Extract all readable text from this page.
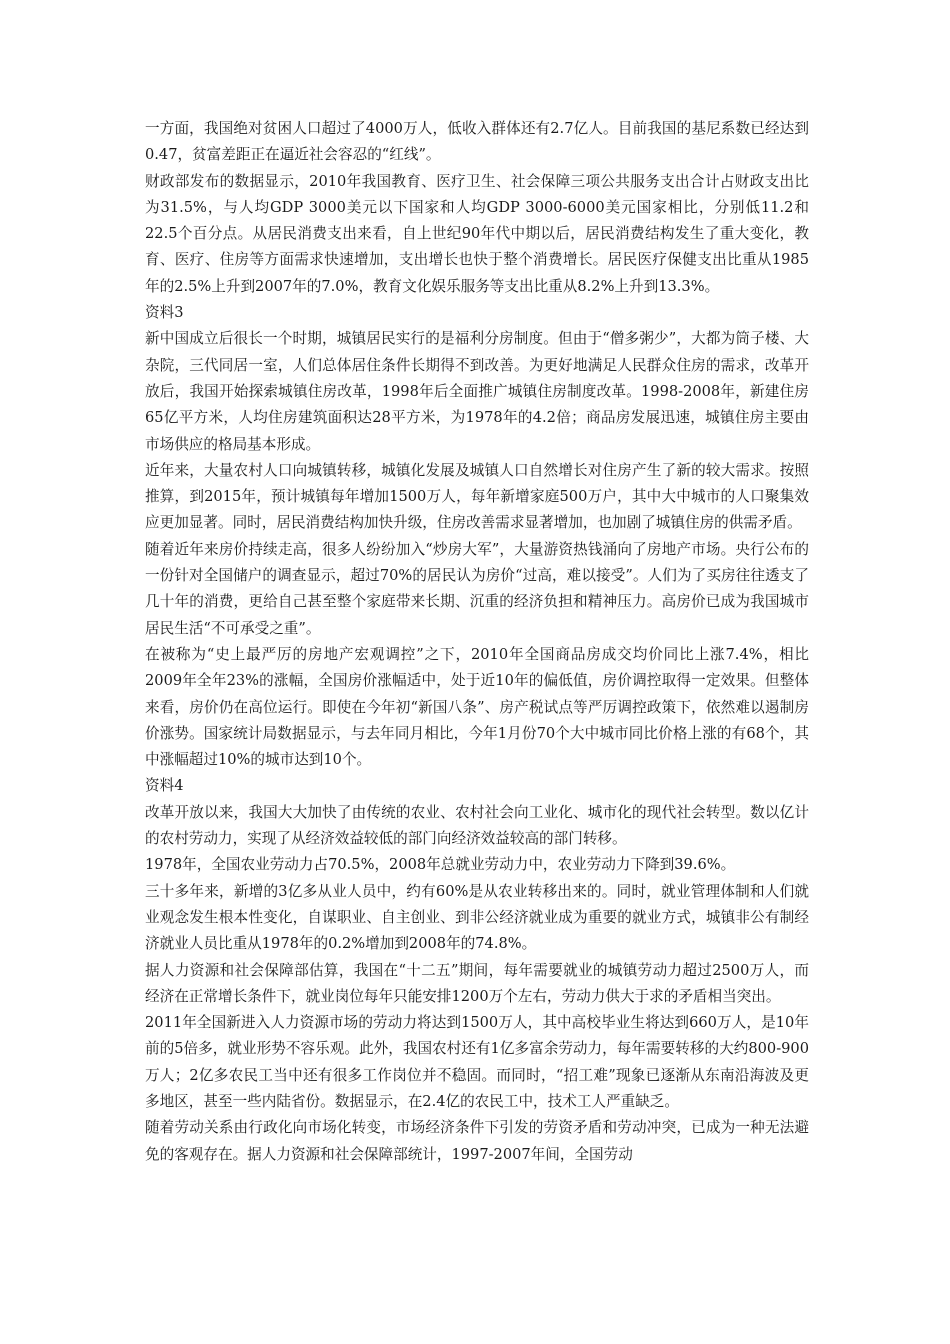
一方面，我国绝对贫困人口超过了4000万人，低收入群体还有2.7亿人。目前我国的基尼系数已经达到0.47，贫富差距正在逼近社会容忍的“红线”。

财政部发布的数据显示，2010年我国教育、医疗卫生、社会保障三项公共服务支出合计占财政支出比为31.5%，与人均GDP 3000美元以下国家和人均GDP 3000-6000美元国家相比，分别低11.2和22.5个百分点。从居民消费支出来看，自上世纪90年代中期以后，居民消费结构发生了重大变化，教育、医疗、住房等方面需求快速增加，支出增长也快于整个消费增长。居民医疗保健支出比重从1985年的2.5%上升到2007年的7.0%，教育文化娱乐服务等支出比重从8.2%上升到13.3%。

资料3

新中国成立后很长一个时期，城镇居民实行的是福利分房制度。但由于“僧多粥少”，大都为筒子楼、大杂院，三代同居一室，人们总体居住条件长期得不到改善。为更好地满足人民群众住房的需求，改革开放后，我国开始探索城镇住房改革，1998年后全面推广城镇住房制度改革。1998-2008年，新建住房65亿平方米，人均住房建筑面积达28平方米，为1978年的4.2倍；商品房发展迅速，城镇住房主要由市场供应的格局基本形成。

近年来，大量农村人口向城镇转移，城镇化发展及城镇人口自然增长对住房产生了新的较大需求。按照推算，到2015年，预计城镇每年增加1500万人，每年新增家庭500万户，其中大中城市的人口聚集效应更加显著。同时，居民消费结构加快升级，住房改善需求显著增加，也加剧了城镇住房的供需矛盾。

随着近年来房价持续走高，很多人纷纷加入“炒房大军”，大量游资热钱涌向了房地产市场。央行公布的一份针对全国储户的调查显示，超过70%的居民认为房价“过高，难以接受”。人们为了买房往往透支了几十年的消费，更给自己甚至整个家庭带来长期、沉重的经济负担和精神压力。高房价已成为我国城市居民生活“不可承受之重”。

在被称为“史上最严厉的房地产宏观调控”之下，2010年全国商品房成交均价同比上涨7.4%，相比2009年全年23%的涨幅，全国房价涨幅适中，处于近10年的偏低值，房价调控取得一定效果。但整体来看，房价仍在高位运行。即使在今年初“新国八条”、房产税试点等严厉调控政策下，依然难以遏制房价涨势。国家统计局数据显示，与去年同月相比，今年1月份70个大中城市同比价格上涨的有68个，其中涨幅超过10%的城市达到10个。

资料4

改革开放以来，我国大大加快了由传统的农业、农村社会向工业化、城市化的现代社会转型。数以亿计的农村劳动力，实现了从经济效益较低的部门向经济效益较高的部门转移。

1978年，全国农业劳动力占70.5%，2008年总就业劳动力中，农业劳动力下降到39.6%。

三十多年来，新增的3亿多从业人员中，约有60%是从农业转移出来的。同时，就业管理体制和人们就业观念发生根本性变化，自谋职业、自主创业、到非公经济就业成为重要的就业方式，城镇非公有制经济就业人员比重从1978年的0.2%增加到2008年的74.8%。

据人力资源和社会保障部估算，我国在“十二五”期间，每年需要就业的城镇劳动力超过2500万人，而经济在正常增长条件下，就业岗位每年只能安排1200万个左右，劳动力供大于求的矛盾相当突出。

2011年全国新进入人力资源市场的劳动力将达到1500万人，其中高校毕业生将达到660万人，是10年前的5倍多，就业形势不容乐观。此外，我国农村还有1亿多富余劳动力，每年需要转移的大约800-900万人；2亿多农民工当中还有很多工作岗位并不稳固。而同时，“招工难”现象已逐渐从东南沿海波及更多地区，甚至一些内陆省份。数据显示，在2.4亿的农民工中，技术工人严重缺乏。

随着劳动关系由行政化向市场化转变，市场经济条件下引发的劳资矛盾和劳动冲突，已成为一种无法避免的客观存在。据人力资源和社会保障部统计，1997-2007年间，全国劳动
